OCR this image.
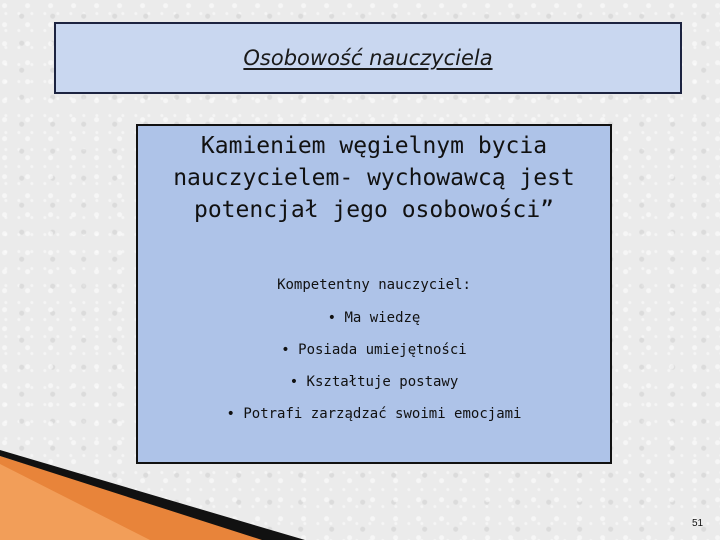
Osobowość nauczyciela
Kamieniem węgielnym bycia
nauczycielem- wychowawcą jest
potencjał jego osobowości”
Kompetentny nauczyciel:
• Ma wiedzę
• Posiada umiejętności
• Kształtuje postawy
• Potrafi zarządzać swoimi emocjami
51
